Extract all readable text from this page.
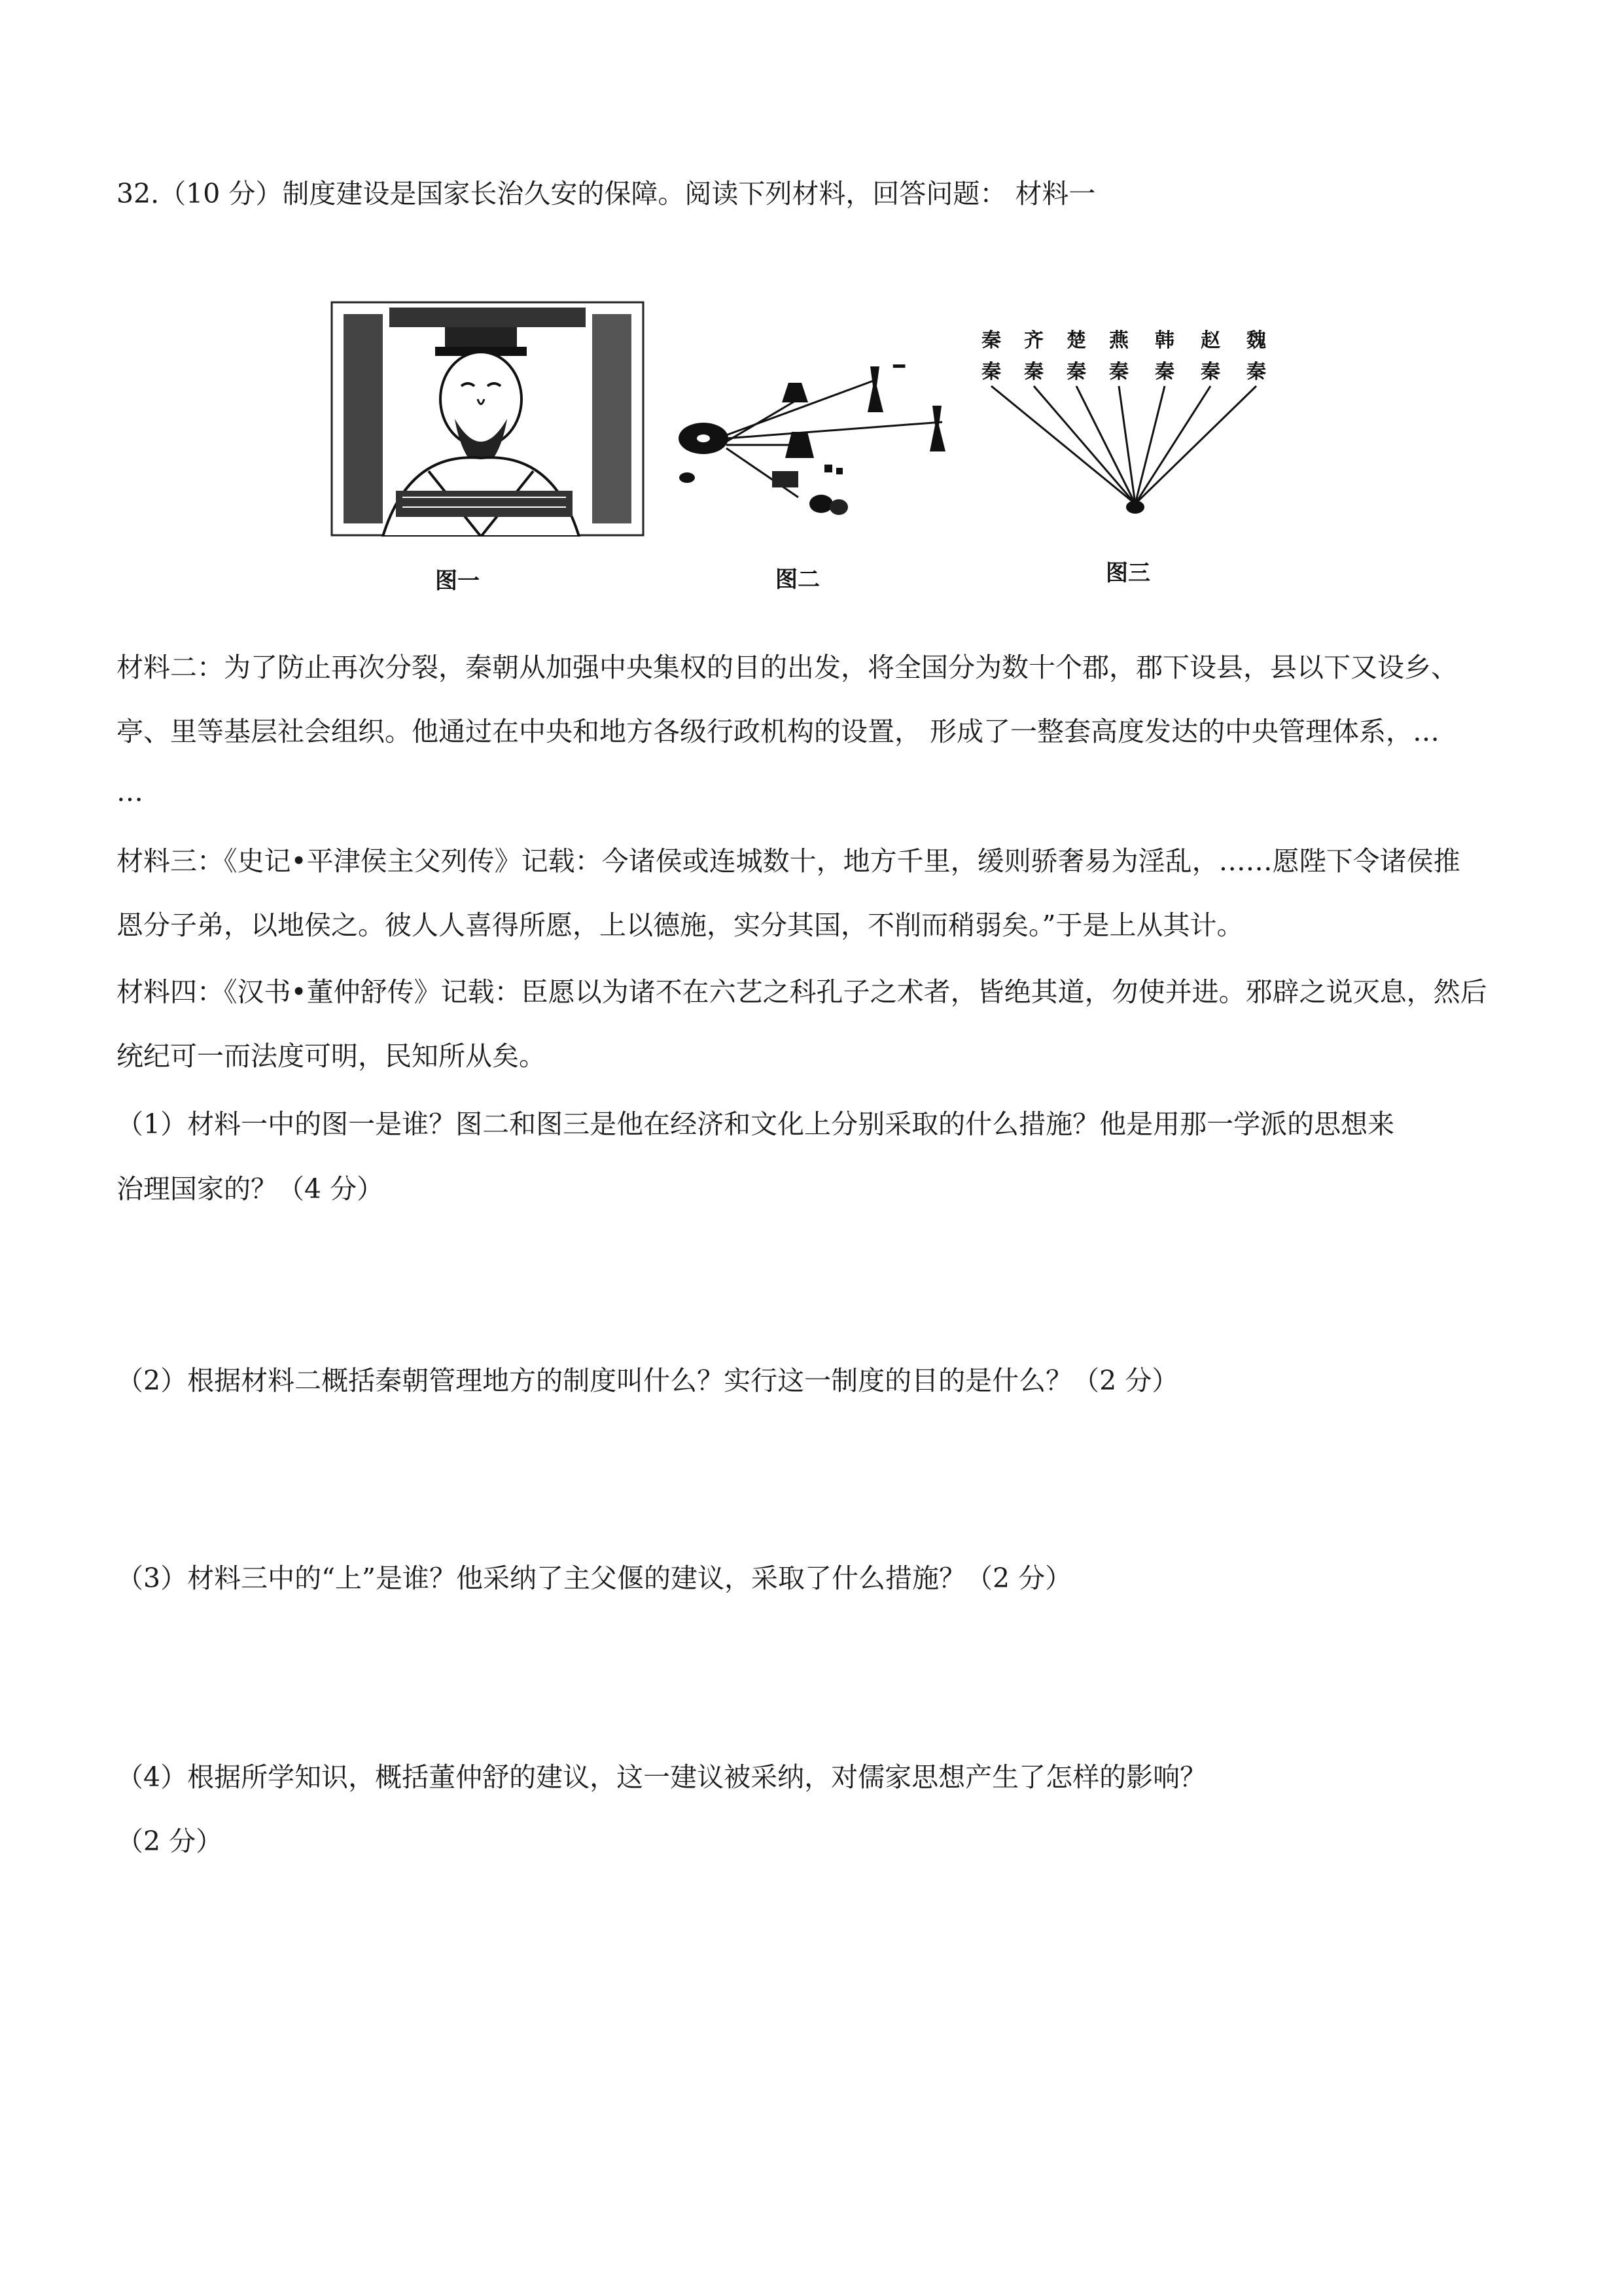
32.（10 分）制度建设是国家长治久安的保障。阅读下列材料，回答问题： 材料一
图一
━
图二
秦 齐 楚 燕 韩 赵 魏
秦 秦 秦 秦 秦 秦 秦
图三
材料二：为了防止再次分裂，秦朝从加强中央集权的目的出发，将全国分为数十个郡，郡下设县，县以下又设乡、
亭、里等基层社会组织。他通过在中央和地方各级行政机构的设置， 形成了一整套高度发达的中央管理体系，…
…
材料三：《史记•平津侯主父列传》记载：今诸侯或连城数十，地方千里，缓则骄奢易为淫乱，……愿陛下令诸侯推
恩分子弟，以地侯之。彼人人喜得所愿，上以德施，实分其国，不削而稍弱矣。”于是上从其计。
材料四：《汉书•董仲舒传》记载：臣愿以为诸不在六艺之科孔子之术者，皆绝其道，勿使并进。邪辟之说灭息，然后
统纪可一而法度可明，民知所从矣。
（1）材料一中的图一是谁？图二和图三是他在经济和文化上分别采取的什么措施？他是用那一学派的思想来
治理国家的？（4 分）
（2）根据材料二概括秦朝管理地方的制度叫什么？实行这一制度的目的是什么？（2 分）
（3）材料三中的“上”是谁？他采纳了主父偃的建议，采取了什么措施？（2 分）
（4）根据所学知识，概括董仲舒的建议，这一建议被采纳，对儒家思想产生了怎样的影响？
（2 分）
